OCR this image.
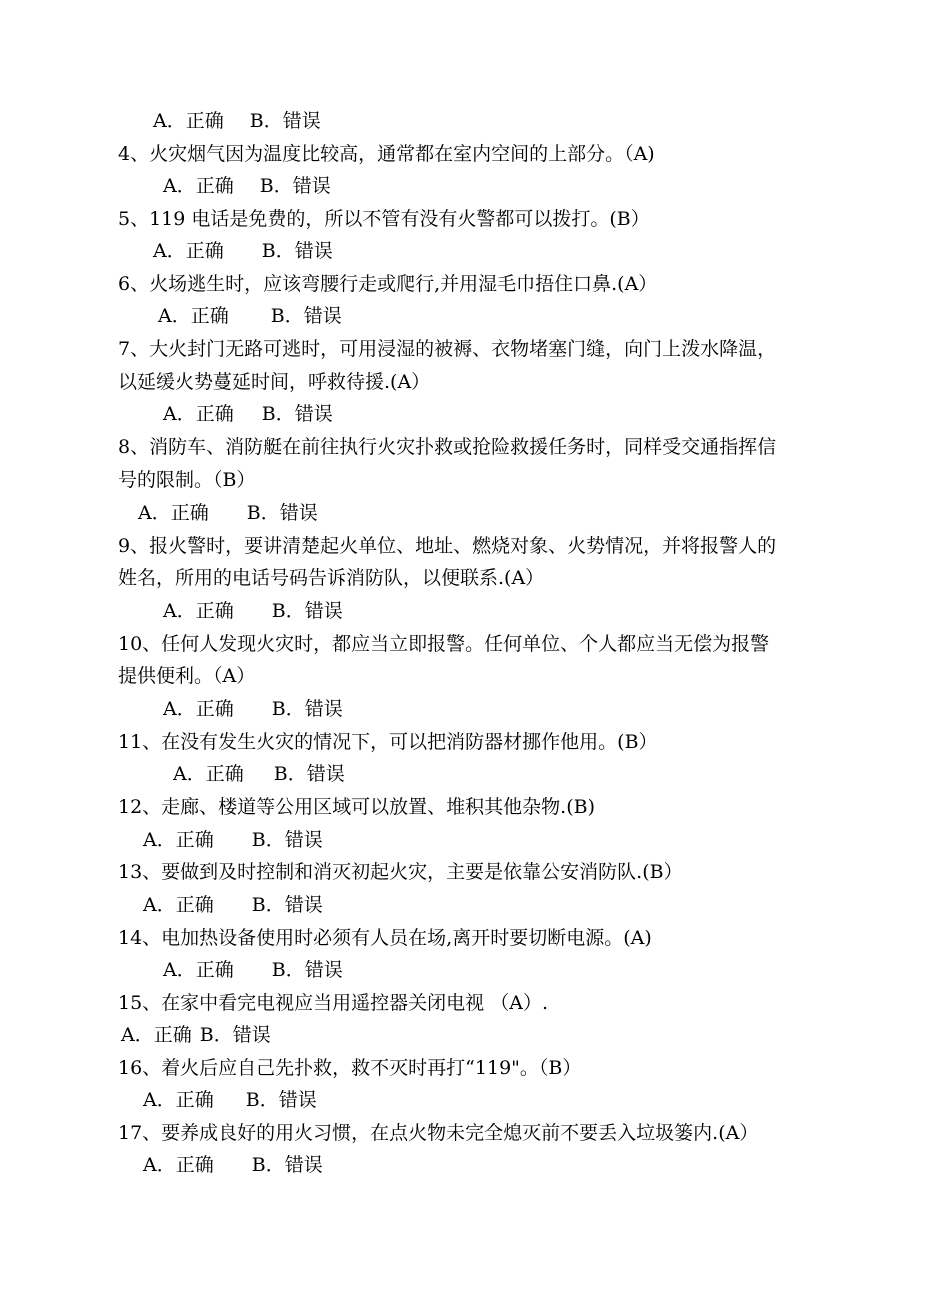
A．正确 B．错误
4、火灾烟气因为温度比较高，通常都在室内空间的上部分。（A)
A．正确 B．错误
5、119 电话是免费的，所以不管有没有火警都可以拨打。(B）
A．正确 B．错误
6、火场逃生时，应该弯腰行走或爬行,并用湿毛巾捂住口鼻.(A）
A．正确 B．错误
7、大火封门无路可逃时，可用浸湿的被褥、衣物堵塞门缝，向门上泼水降温，
以延缓火势蔓延时间，呼救待援.(A）
A．正确 B．错误
8、消防车、消防艇在前往执行火灾扑救或抢险救援任务时，同样受交通指挥信
号的限制。（B）
A．正确 B．错误
9、报火警时，要讲清楚起火单位、地址、燃烧对象、火势情况，并将报警人的
姓名，所用的电话号码告诉消防队，以便联系.(A）
A．正确 B．错误
10、任何人发现火灾时，都应当立即报警。任何单位、个人都应当无偿为报警
提供便利。（A）
A．正确 B．错误
11、在没有发生火灾的情况下，可以把消防器材挪作他用。(B）
A．正确 B．错误
12、走廊、楼道等公用区域可以放置、堆积其他杂物.(B)
A．正确 B．错误
13、要做到及时控制和消灭初起火灾，主要是依靠公安消防队.(B）
A．正确 B．错误
14、电加热设备使用时必须有人员在场,离开时要切断电源。(A)
A．正确 B．错误
15、在家中看完电视应当用遥控器关闭电视 （A）.
A．正确 B．错误
16、着火后应自己先扑救，救不灭时再打“119"。（B）
A．正确 B．错误
17、要养成良好的用火习惯，在点火物未完全熄灭前不要丢入垃圾篓内.(A）
A．正确 B．错误
